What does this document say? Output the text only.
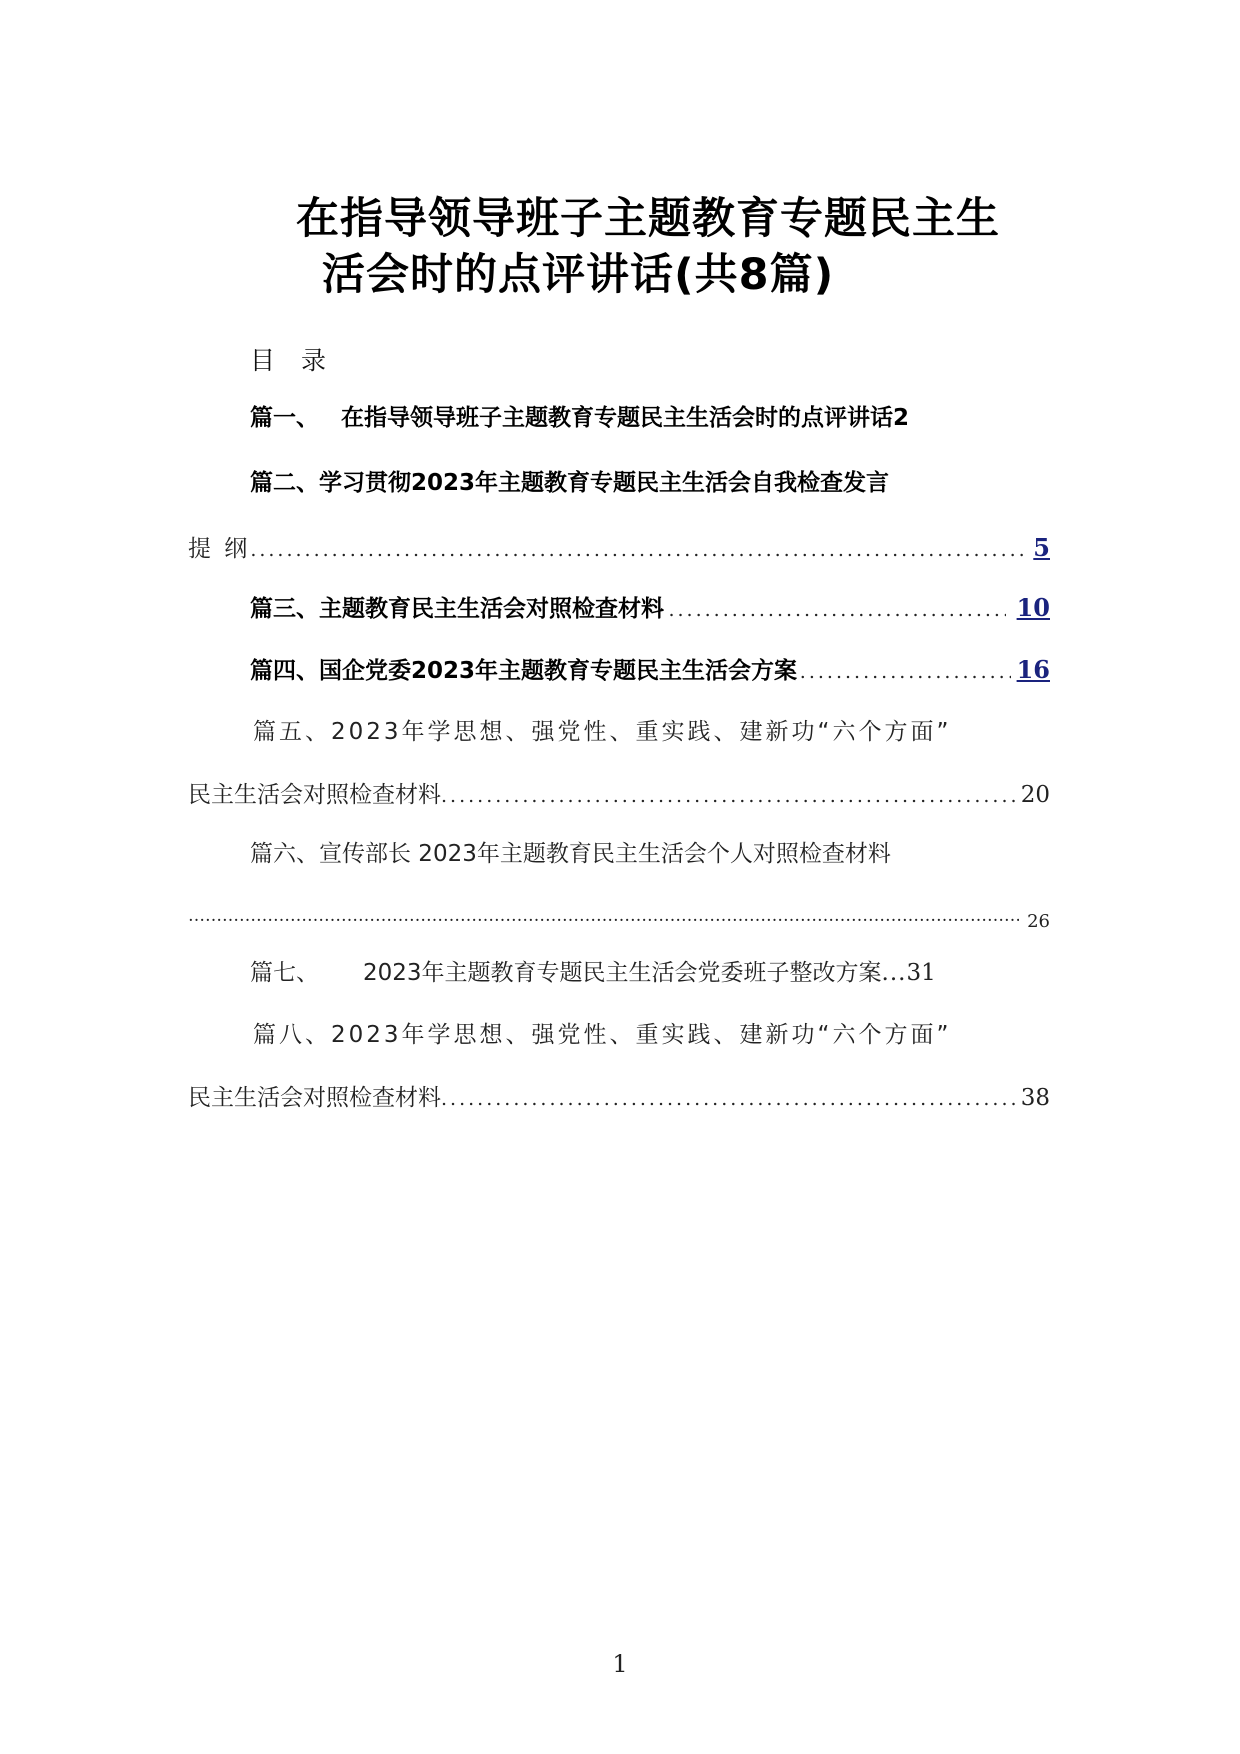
在指导领导班子主题教育专题民主生
活会时的点评讲话(共8篇)
目 录
篇一、 在指导领导班子主题教育专题民主生活会时的点评讲话 2
篇二、学习贯彻2023年主题教育专题民主生活会自我检查发言
提 纲 .....	5
篇三、主题教育民主生活会对照检查材料 .....	10
篇四、国企党委2023年主题教育专题民主生活会方案 .....	16
篇五、2023年学思想、强党性、重实践、建新功“六个方面”
民主生活会对照检查材料 .....	20
篇六、宣传部长 2023年主题教育民主生活会个人对照检查材料
……………………………………………………………………………………………………………………………………………………………………………………………………………………………
26
篇七、 2023年主题教育专题民主生活会党委班子整改方案 ... 31
篇八、2023年学思想、强党性、重实践、建新功“六个方面”
民主生活会对照检查材料 .....	38
1
